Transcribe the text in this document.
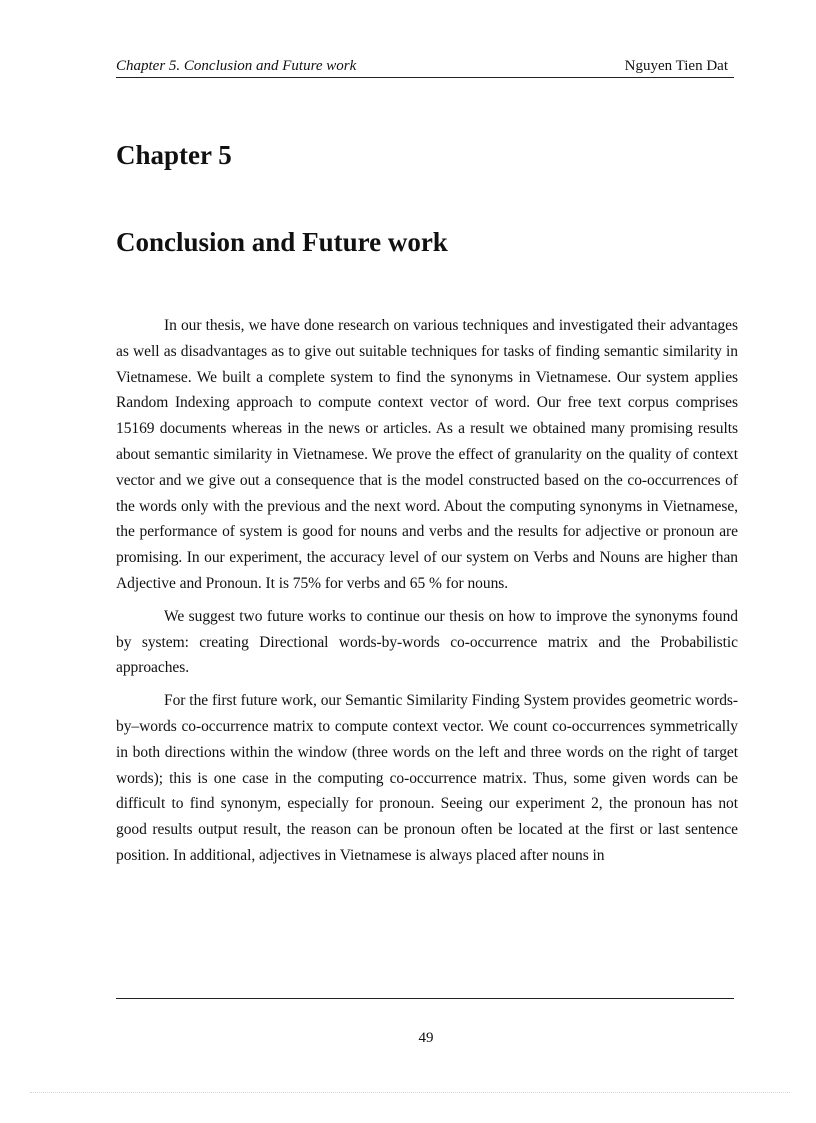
Chapter 5. Conclusion and Future work	Nguyen Tien Dat
Chapter 5
Conclusion and Future work

In our thesis, we have done research on various techniques and investigated their advantages as well as disadvantages as to give out suitable techniques for tasks of finding semantic similarity in Vietnamese. We built a complete system to find the synonyms in Vietnamese. Our system applies Random Indexing approach to compute context vector of word. Our free text corpus comprises 15169 documents whereas in the news or articles. As a result we obtained many promising results about semantic similarity in Vietnamese. We prove the effect of granularity on the quality of context vector and we give out a consequence that is the model constructed based on the co-occurrences of the words only with the previous and the next word. About the computing synonyms in Vietnamese, the performance of system is good for nouns and verbs and the results for adjective or pronoun are promising. In our experiment, the accuracy level of our system on Verbs and Nouns are higher than Adjective and Pronoun. It is 75% for verbs and 65 % for nouns.

We suggest two future works to continue our thesis on how to improve the synonyms found by system: creating Directional words-by-words co-occurrence matrix and the Probabilistic approaches.

For the first future work, our Semantic Similarity Finding System provides geometric words-by–words co-occurrence matrix to compute context vector. We count co-occurrences symmetrically in both directions within the window (three words on the left and three words on the right of target words); this is one case in the computing co-occurrence matrix. Thus, some given words can be difficult to find synonym, especially for pronoun. Seeing our experiment 2, the pronoun has not good results output result, the reason can be pronoun often be located at the first or last sentence position. In additional, adjectives in Vietnamese is always placed after nouns in

49
